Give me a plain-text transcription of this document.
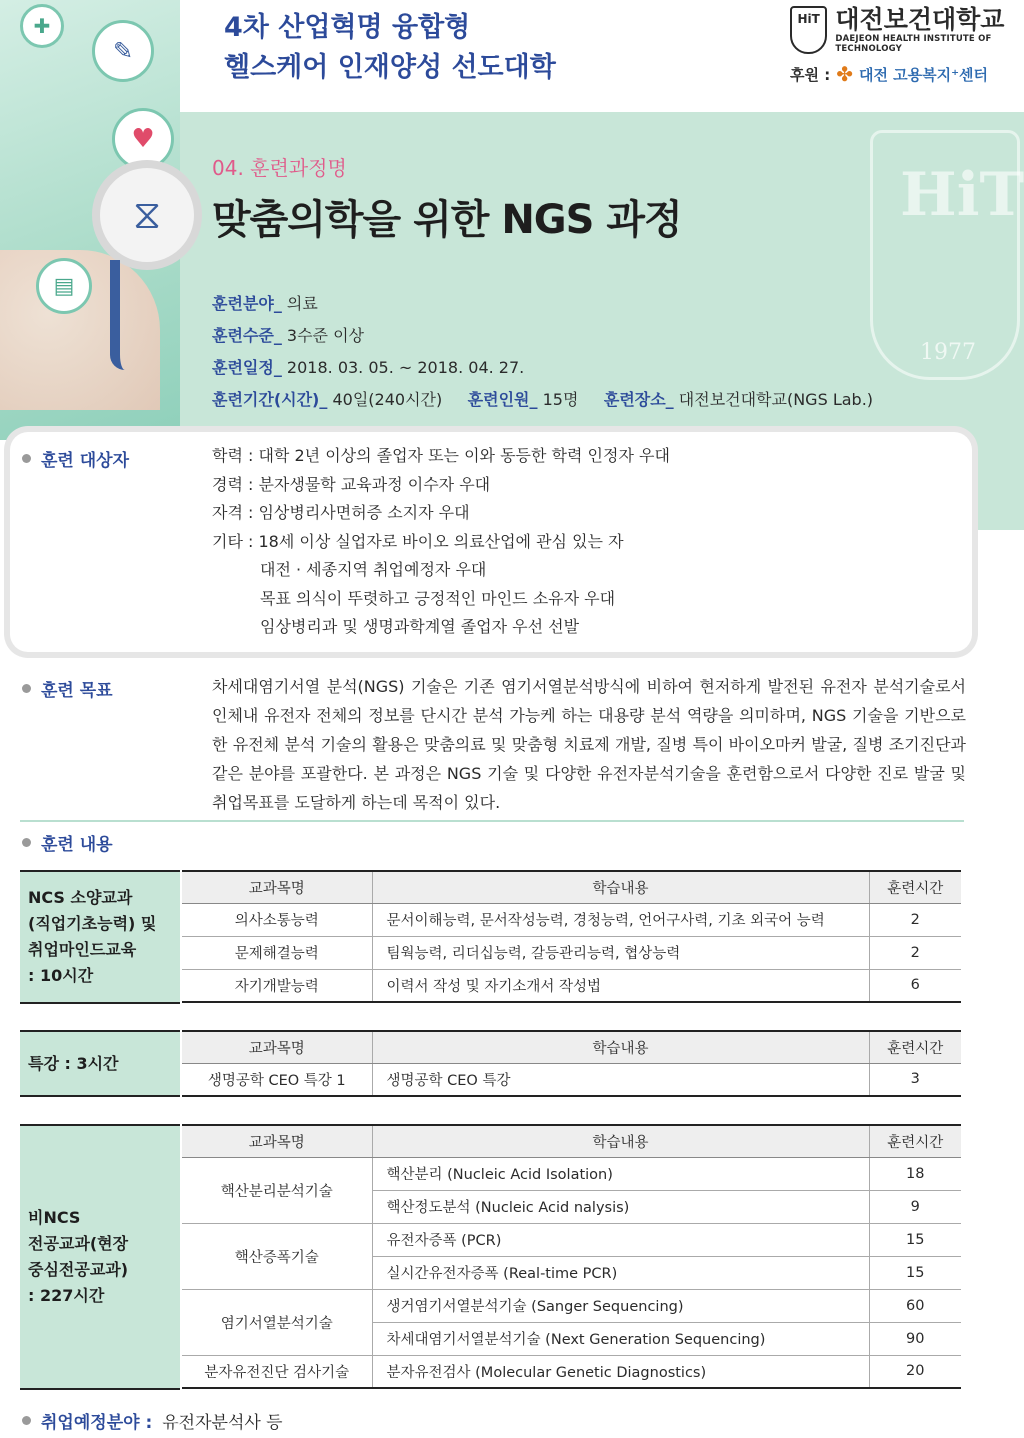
HiT
1977
✚
✎
♥
▤
⧖
4차 산업혁명 융합형
헬스케어 인재양성 선도대학
HiT 대전보건대학교
DAEJEON HEALTH INSTITUTE OF TECHNOLOGY
후원 : ✤ 대전 고용복지⁺센터
04. 훈련과정명
맞춤의학을 위한 NGS 과정
훈련분야_ 의료
훈련수준_ 3수준 이상
훈련일정_ 2018. 03. 05. ~ 2018. 04. 27.
훈련기간(시간)_ 40일(240시간) 훈련인원_ 15명 훈련장소_ 대전보건대학교(NGS Lab.)
훈련 대상자	학력 : 대학 2년 이상의 졸업자 또는 이와 동등한 학력 인정자 우대
경력 : 분자생물학 교육과정 이수자 우대
자격 : 임상병리사면허증 소지자 우대
기타 : 18세 이상 실업자로 바이오 의료산업에 관심 있는 자
대전 · 세종지역 취업예정자 우대
목표 의식이 뚜렷하고 긍정적인 마인드 소유자 우대
임상병리과 및 생명과학계열 졸업자 우선 선발
훈련 목표	차세대염기서열 분석(NGS) 기술은 기존 염기서열분석방식에 비하여 현저하게 발전된 유전자 분석기술로서 인체내 유전자 전체의 정보를 단시간 분석 가능케 하는 대용량 분석 역량을 의미하며, NGS 기술을 기반으로 한 유전체 분석 기술의 활용은 맞춤의료 및 맞춤형 치료제 개발, 질병 특이 바이오마커 발굴, 질병 조기진단과 같은 분야를 포괄한다. 본 과정은 NGS 기술 및 다양한 유전자분석기술을 훈련함으로서 다양한 진로 발굴 및 취업목표를 도달하게 하는데 목적이 있다.
훈련 내용
NCS 소양교과
(직업기초능력) 및
취업마인드교육
: 10시간
교과목명	학습내용	훈련시간
의사소통능력	문서이해능력, 문서작성능력, 경청능력, 언어구사력, 기초 외국어 능력	2
문제해결능력	팀웍능력, 리더십능력, 갈등관리능력, 협상능력	2
자기개발능력	이력서 작성 및 자기소개서 작성법	6
특강 : 3시간
교과목명	학습내용	훈련시간
생명공학 CEO 특강 1	생명공학 CEO 특강	3
비NCS
전공교과(현장
중심전공교과)
: 227시간
교과목명	학습내용	훈련시간
핵산분리분석기술	핵산분리 (Nucleic Acid Isolation)	18
	핵산정도분석 (Nucleic Acid nalysis)	9
핵산증폭기술	유전자증폭 (PCR)	15
	실시간유전자증폭 (Real-time PCR)	15
염기서열분석기술	생거염기서열분석기술 (Sanger Sequencing)	60
	차세대염기서열분석기술 (Next Generation Sequencing)	90
분자유전진단 검사기술	분자유전검사 (Molecular Genetic Diagnostics)	20
취업예정분야 : 유전자분석사 등
